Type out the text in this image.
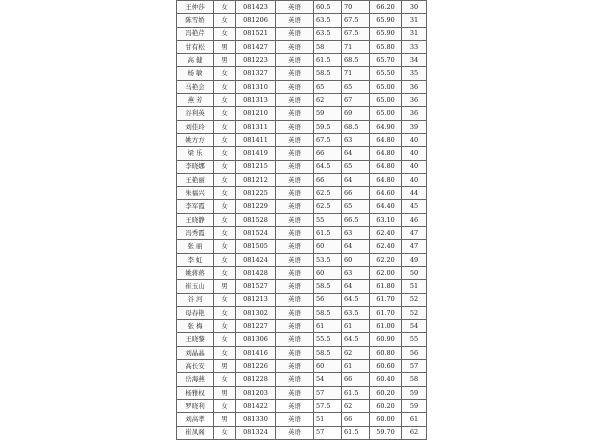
王仲莎	女	081423	英语	60.5	70	66.20	30
陈雪娇	女	081206	英语	63.5	67.5	65.90	31
冯艳芹	女	081521	英语	63.5	67.5	65.90	31
甘有松	男	081427	英语	58	71	65.80	33
高 健	男	081223	英语	61.5	68.5	65.70	34
杨 敏	女	081327	英语	58.5	71	65.50	35
马艳会	女	081310	英语	65	65	65.00	36
燕 芳	女	081313	英语	62	67	65.00	36
谷利英	女	081210	英语	59	69	65.00	36
刘佳玲	女	081311	英语	59.5	68.5	64.90	39
姚方方	女	081411	英语	67.5	63	64.80	40
梁 乐	女	081419	英语	66	64	64.80	40
李晓娜	女	081215	英语	64.5	65	64.80	40
王艳丽	女	081212	英语	66	64	64.80	40
朱福兴	女	081225	英语	62.5	66	64.60	44
李军霞	女	081229	英语	62.5	65	64.40	45
王晓静	女	081528	英语	55	66.5	63.10	46
冯秀霞	女	081524	英语	61.5	63	62.40	47
张 丽	女	081505	英语	60	64	62.40	47
李 虹	女	081424	英语	53.5	60	62.20	49
姚蒋蒋	女	081428	英语	60	63	62.00	50
崔玉山	男	081527	英语	58.5	64	61.80	51
谷 河	女	081213	英语	56	64.5	61.70	52
母春艳	女	081302	英语	58.5	63.5	61.70	52
张 梅	女	081227	英语	61	61	61.00	54
王晓黎	女	081306	英语	55.5	64.5	60.90	55
刘晶晶	女	081416	英语	58.5	62	60.80	56
高长安	男	081226	英语	60	61	60.60	57
岳海燕	女	081228	英语	54	66	60.40	58
杨雅权	男	081203	英语	57	61.5	60.20	59
罗晓利	女	081422	英语	57.5	62	60.20	59
刘高孝	男	081330	英语	51	66	60.00	61
崔凤阁	女	081324	英语	57	61.5	59.70	62
